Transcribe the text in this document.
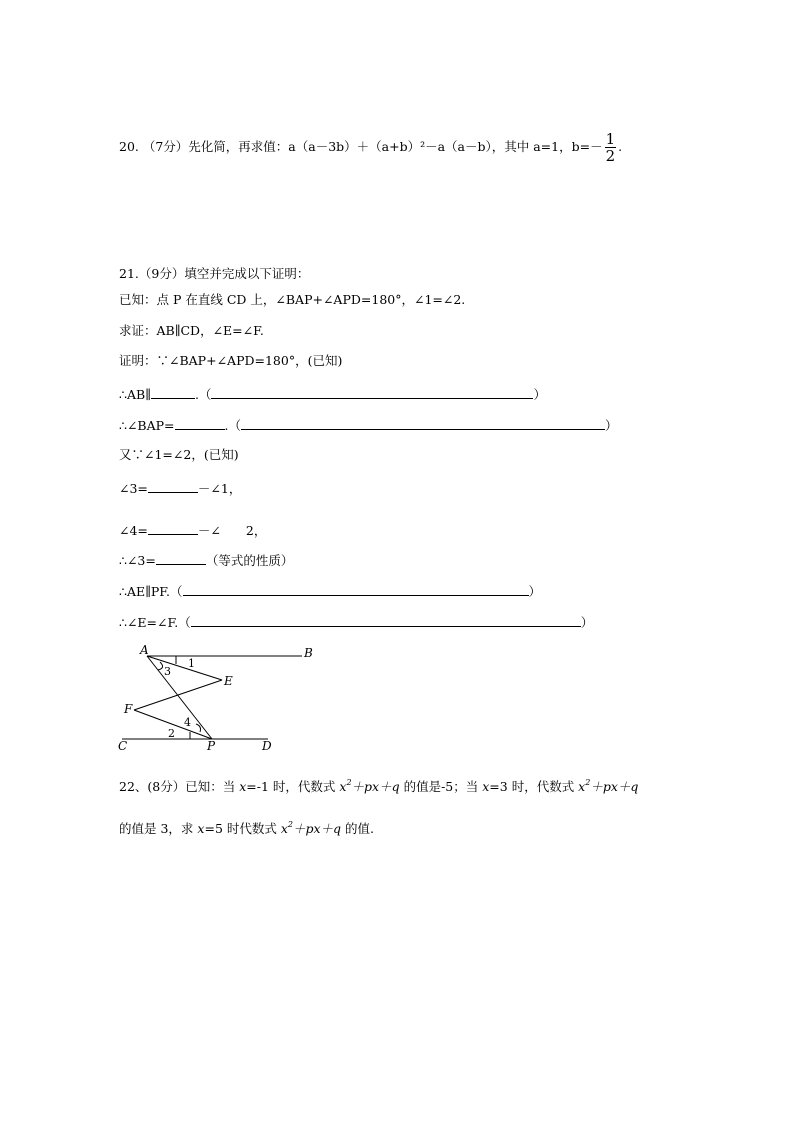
20. （7分）先化简，再求值：a（a－3b）＋（a+b）²－a（a－b），其中 a=1，$b=- \frac{1}{2}$ .
21.（9分）填空并完成以下证明：
已知：点 P 在直线 CD 上，∠BAP+∠APD=180°，∠1=∠2.
求证：AB∥CD，∠E=∠F.
证明：∵∠BAP+∠APD=180°，(已知)
∴AB∥	.（	）
∴∠BAP=	.（	）
又∵∠1=∠2，(已知)
∠3=	－∠1，
∠4=	－∠　　2，
∴∠3=	（等式的性质）
∴AE∥PF.（	）
∴∠E=∠F.（	）
A	B
E
F
C	P	D
1
3
4
2
22、(8分）已知：当 x=-1 时，代数式 $x^2+px+q$ 的值是-5；当 x=3 时，代数式 $x^2+px+q$
的值是 3，求 x=5 时代数式 $x^2+px+q$ 的值.
